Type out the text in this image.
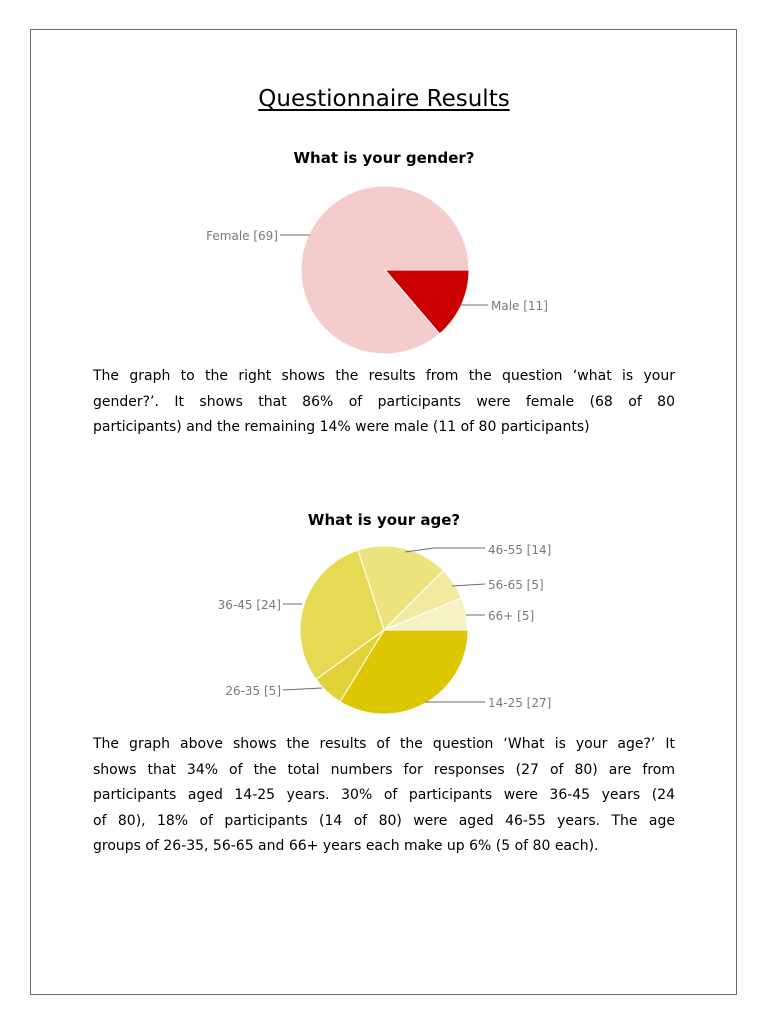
Questionnaire Results
What is your gender?
Female [69]
Male [11]

The graph to the right shows the results from the question ‘what is your
gender?’. It shows that 86% of participants were female (68 of 80
participants) and the remaining 14% were male (11 of 80 participants)

What is your age?
46-55 [14]
56-65 [5]
66+ [5]
36-45 [24]
26-35 [5]
14-25 [27]

The graph above shows the results of the question ‘What is your age?’ It
shows that 34% of the total numbers for responses (27 of 80) are from
participants aged 14-25 years. 30% of participants were 36-45 years (24
of 80), 18% of participants (14 of 80) were aged 46-55 years. The age
groups of 26-35, 56-65 and 66+ years each make up 6% (5 of 80 each).
